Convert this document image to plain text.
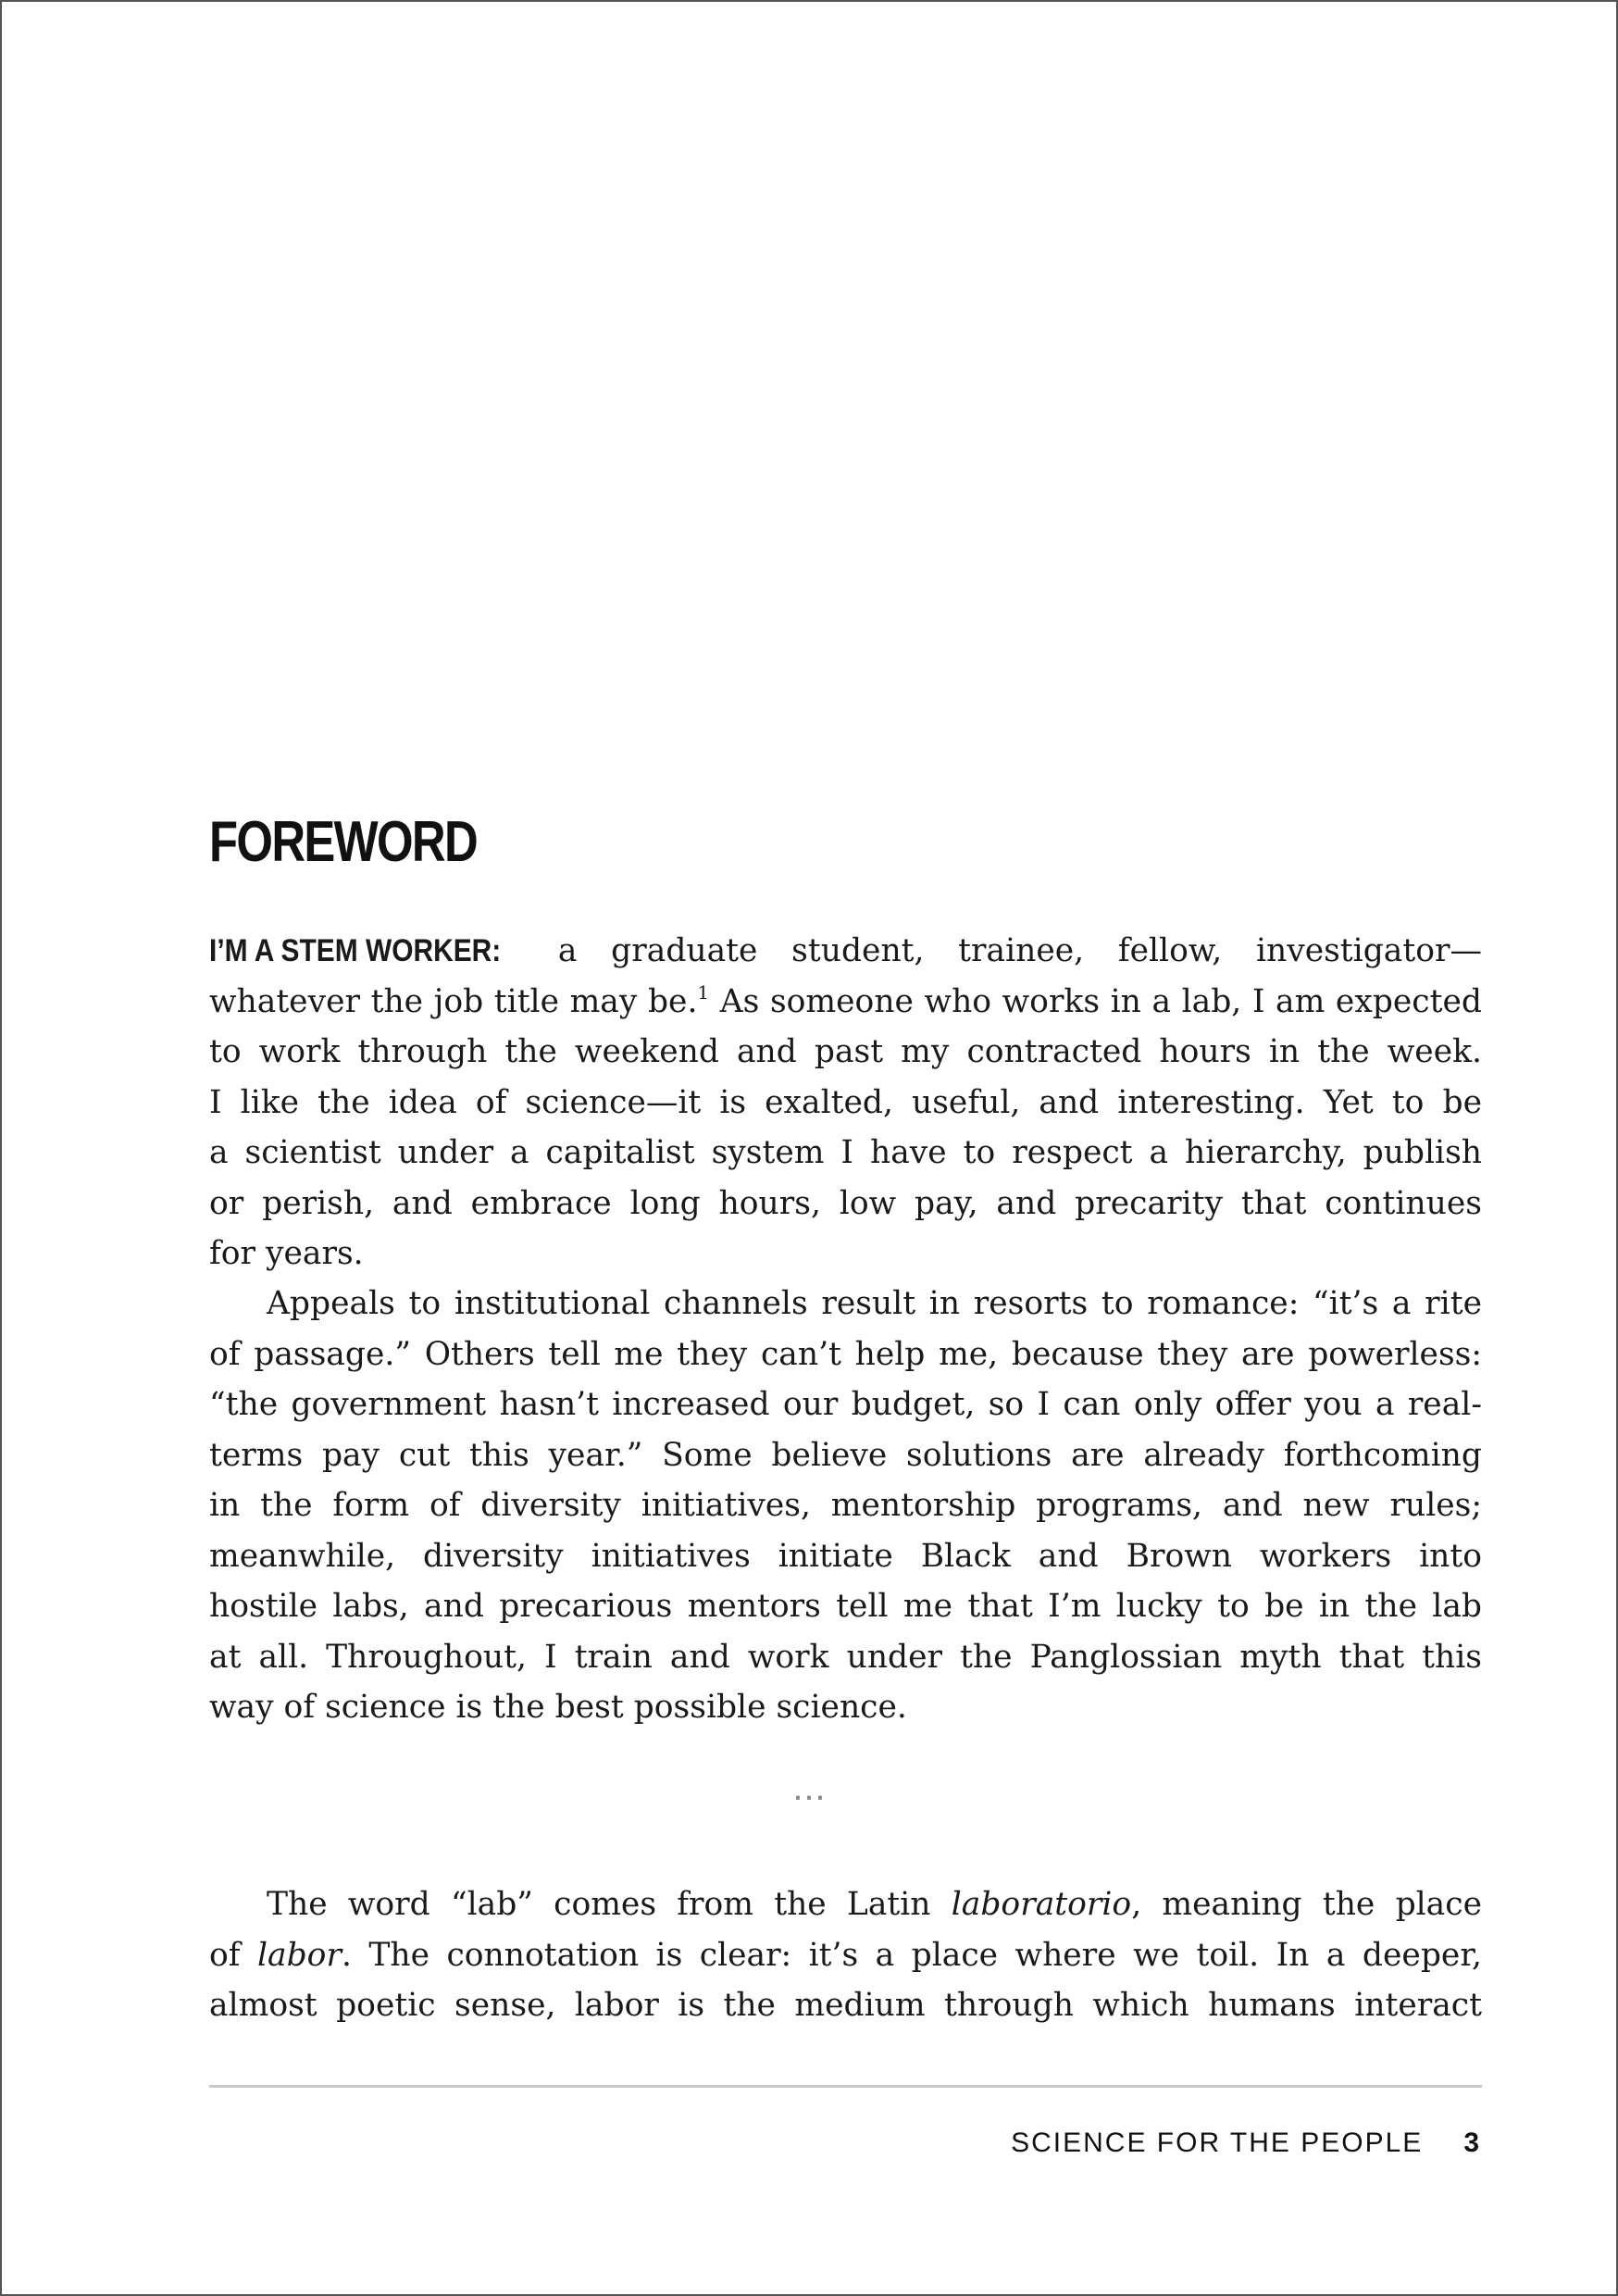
FOREWORD
I’M A STEM WORKER: a graduate student, trainee, fellow, investigator—
whatever the job title may be.$^1$ As someone who works in a lab, I am expected
to work through the weekend and past my contracted hours in the week.
I like the idea of science—it is exalted, useful, and interesting. Yet to be
a scientist under a capitalist system I have to respect a hierarchy, publish
or perish, and embrace long hours, low pay, and precarity that continues
for years.
Appeals to institutional channels result in resorts to romance: “it’s a rite
of passage.” Others tell me they can’t help me, because they are powerless:
“the government hasn’t increased our budget, so I can only offer you a real-
terms pay cut this year.” Some believe solutions are already forthcoming
in the form of diversity initiatives, mentorship programs, and new rules;
meanwhile, diversity initiatives initiate Black and Brown workers into
hostile labs, and precarious mentors tell me that I’m lucky to be in the lab
at all. Throughout, I train and work under the Panglossian myth that this
way of science is the best possible science.
…
The word “lab” comes from the Latin laboratorio, meaning the place
of labor. The connotation is clear: it’s a place where we toil. In a deeper,
almost poetic sense, labor is the medium through which humans interact
SCIENCE FOR THE PEOPLE 3
